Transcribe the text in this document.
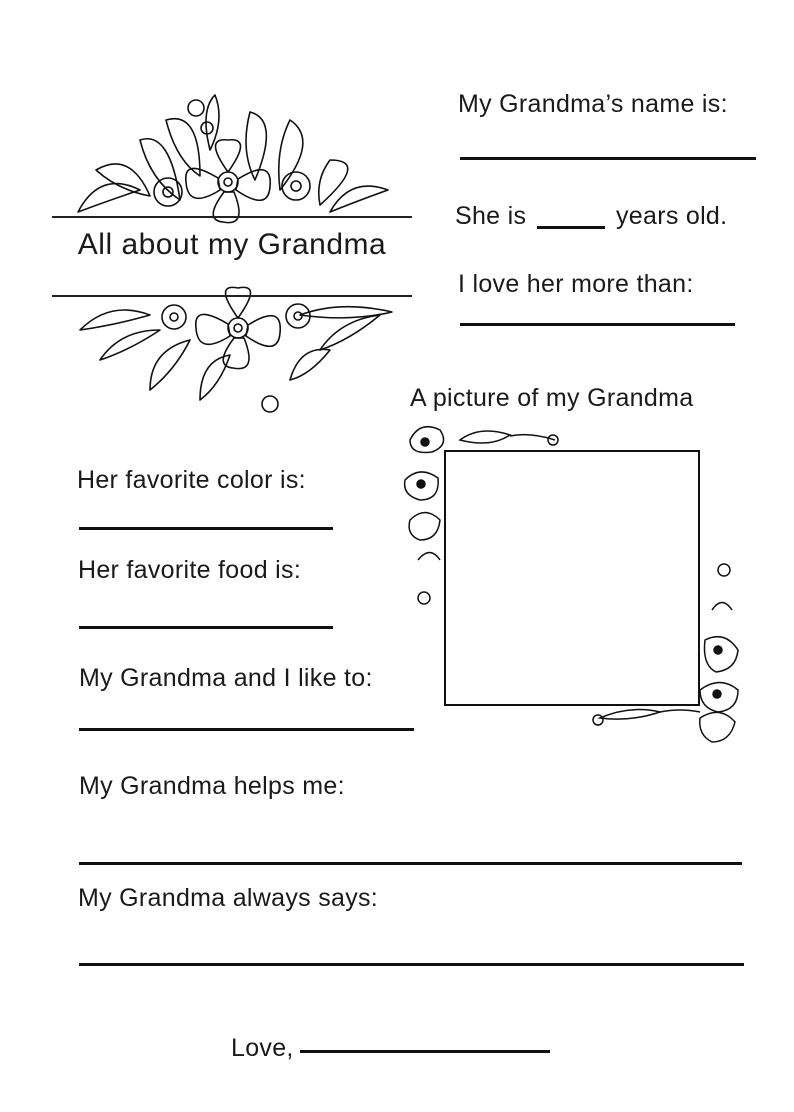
All about my Grandma
My Grandma’s name is:
She is	years old.
I love her more than:
A picture of my Grandma
Her favorite color is:
Her favorite food is:
My Grandma and I like to:
My Grandma helps me:
My Grandma always says:
Love,
